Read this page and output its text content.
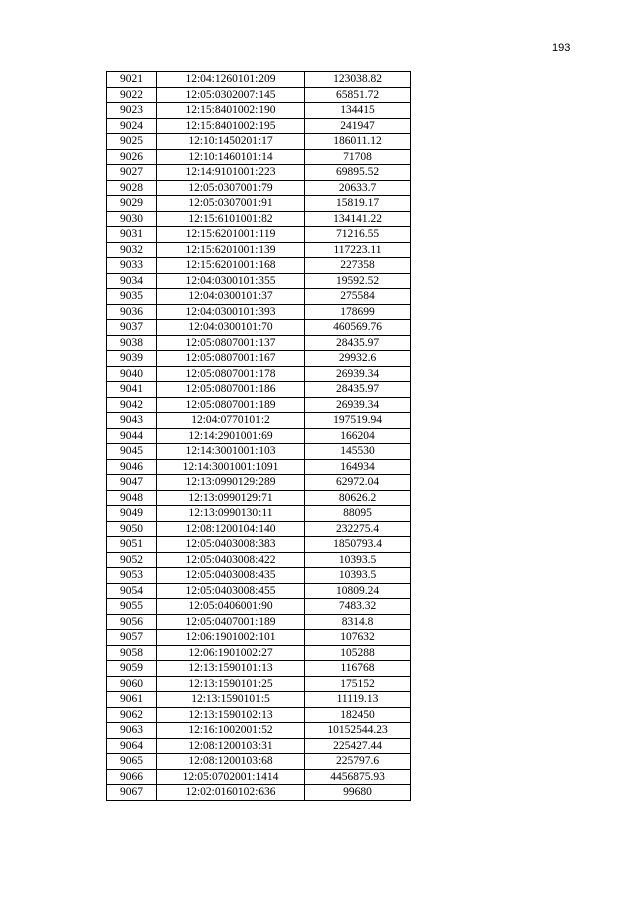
193
9021	12:04:1260101:209	123038.82
9022	12:05:0302007:145	65851.72
9023	12:15:8401002:190	134415
9024	12:15:8401002:195	241947
9025	12:10:1450201:17	186011.12
9026	12:10:1460101:14	71708
9027	12:14:9101001:223	69895.52
9028	12:05:0307001:79	20633.7
9029	12:05:0307001:91	15819.17
9030	12:15:6101001:82	134141.22
9031	12:15:6201001:119	71216.55
9032	12:15:6201001:139	117223.11
9033	12:15:6201001:168	227358
9034	12:04:0300101:355	19592.52
9035	12:04:0300101:37	275584
9036	12:04:0300101:393	178699
9037	12:04:0300101:70	460569.76
9038	12:05:0807001:137	28435.97
9039	12:05:0807001:167	29932.6
9040	12:05:0807001:178	26939.34
9041	12:05:0807001:186	28435.97
9042	12:05:0807001:189	26939.34
9043	12:04:0770101:2	197519.94
9044	12:14:2901001:69	166204
9045	12:14:3001001:103	145530
9046	12:14:3001001:1091	164934
9047	12:13:0990129:289	62972.04
9048	12:13:0990129:71	80626.2
9049	12:13:0990130:11	88095
9050	12:08:1200104:140	232275.4
9051	12:05:0403008:383	1850793.4
9052	12:05:0403008:422	10393.5
9053	12:05:0403008:435	10393.5
9054	12:05:0403008:455	10809.24
9055	12:05:0406001:90	7483.32
9056	12:05:0407001:189	8314.8
9057	12:06:1901002:101	107632
9058	12:06:1901002:27	105288
9059	12:13:1590101:13	116768
9060	12:13:1590101:25	175152
9061	12:13:1590101:5	11119.13
9062	12:13:1590102:13	182450
9063	12:16:1002001:52	10152544.23
9064	12:08:1200103:31	225427.44
9065	12:08:1200103:68	225797.6
9066	12:05:0702001:1414	4456875.93
9067	12:02:0160102:636	99680
